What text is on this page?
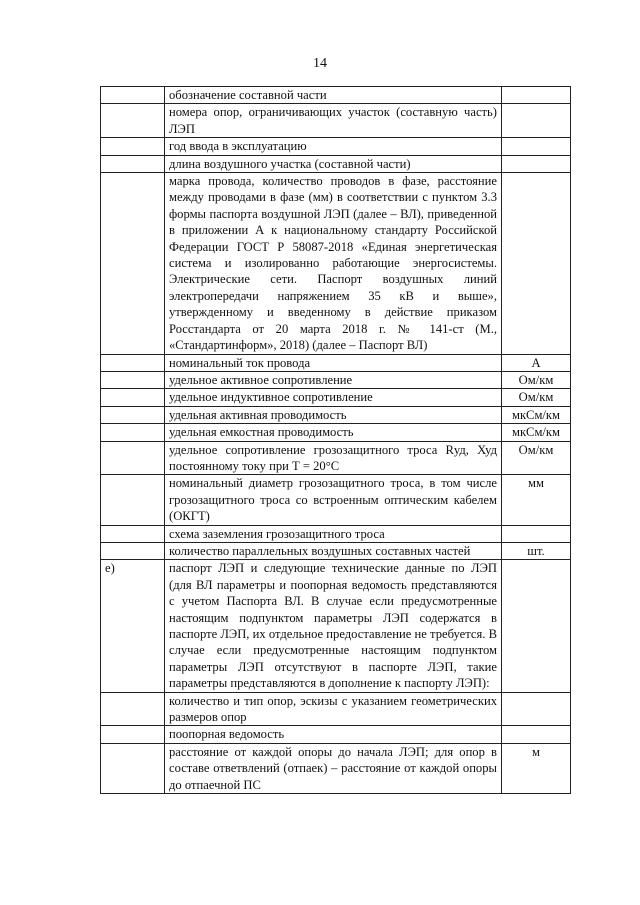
14
	обозначение составной части	
	номера опор, ограничивающих участок (составную часть) ЛЭП	
	год ввода в эксплуатацию	
	длина воздушного участка (составной части)	
	марка провода, количество проводов в фазе, расстояние между проводами в фазе (мм) в соответствии с пунктом 3.3 формы паспорта воздушной ЛЭП (далее – ВЛ), приведенной в приложении А к национальному стандарту Российской Федерации ГОСТ Р 58087-2018 «Единая энергетическая система и изолированно работающие энергосистемы. Электрические сети. Паспорт воздушных линий электропередачи напряжением 35 кВ и выше», утвержденному и введенному в действие приказом Росстандарта от 20 марта 2018 г. № 141-ст (М., «Стандартинформ», 2018) (далее – Паспорт ВЛ)	
	номинальный ток провода	А
	удельное активное сопротивление	Ом/км
	удельное индуктивное сопротивление	Ом/км
	удельная активная проводимость	мкСм/км
	удельная емкостная проводимость	мкСм/км
	удельное сопротивление грозозащитного троса Rуд, Худ постоянному току при Т = 20°С	Ом/км
	номинальный диаметр грозозащитного троса, в том числе грозозащитного троса со встроенным оптическим кабелем (ОКГТ)	мм
	схема заземления грозозащитного троса	
	количество параллельных воздушных составных частей	шт.
е)	паспорт ЛЭП и следующие технические данные по ЛЭП (для ВЛ параметры и поопорная ведомость представляются с учетом Паспорта ВЛ. В случае если предусмотренные настоящим подпунктом параметры ЛЭП содержатся в паспорте ЛЭП, их отдельное предоставление не требуется. В случае если предусмотренные настоящим подпунктом параметры ЛЭП отсутствуют в паспорте ЛЭП, такие параметры представляются в дополнение к паспорту ЛЭП):	
	количество и тип опор, эскизы с указанием геометрических размеров опор	
	поопорная ведомость	
	расстояние от каждой опоры до начала ЛЭП; для опор в составе ответвлений (отпаек) – расстояние от каждой опоры до отпаечной ПС	м
